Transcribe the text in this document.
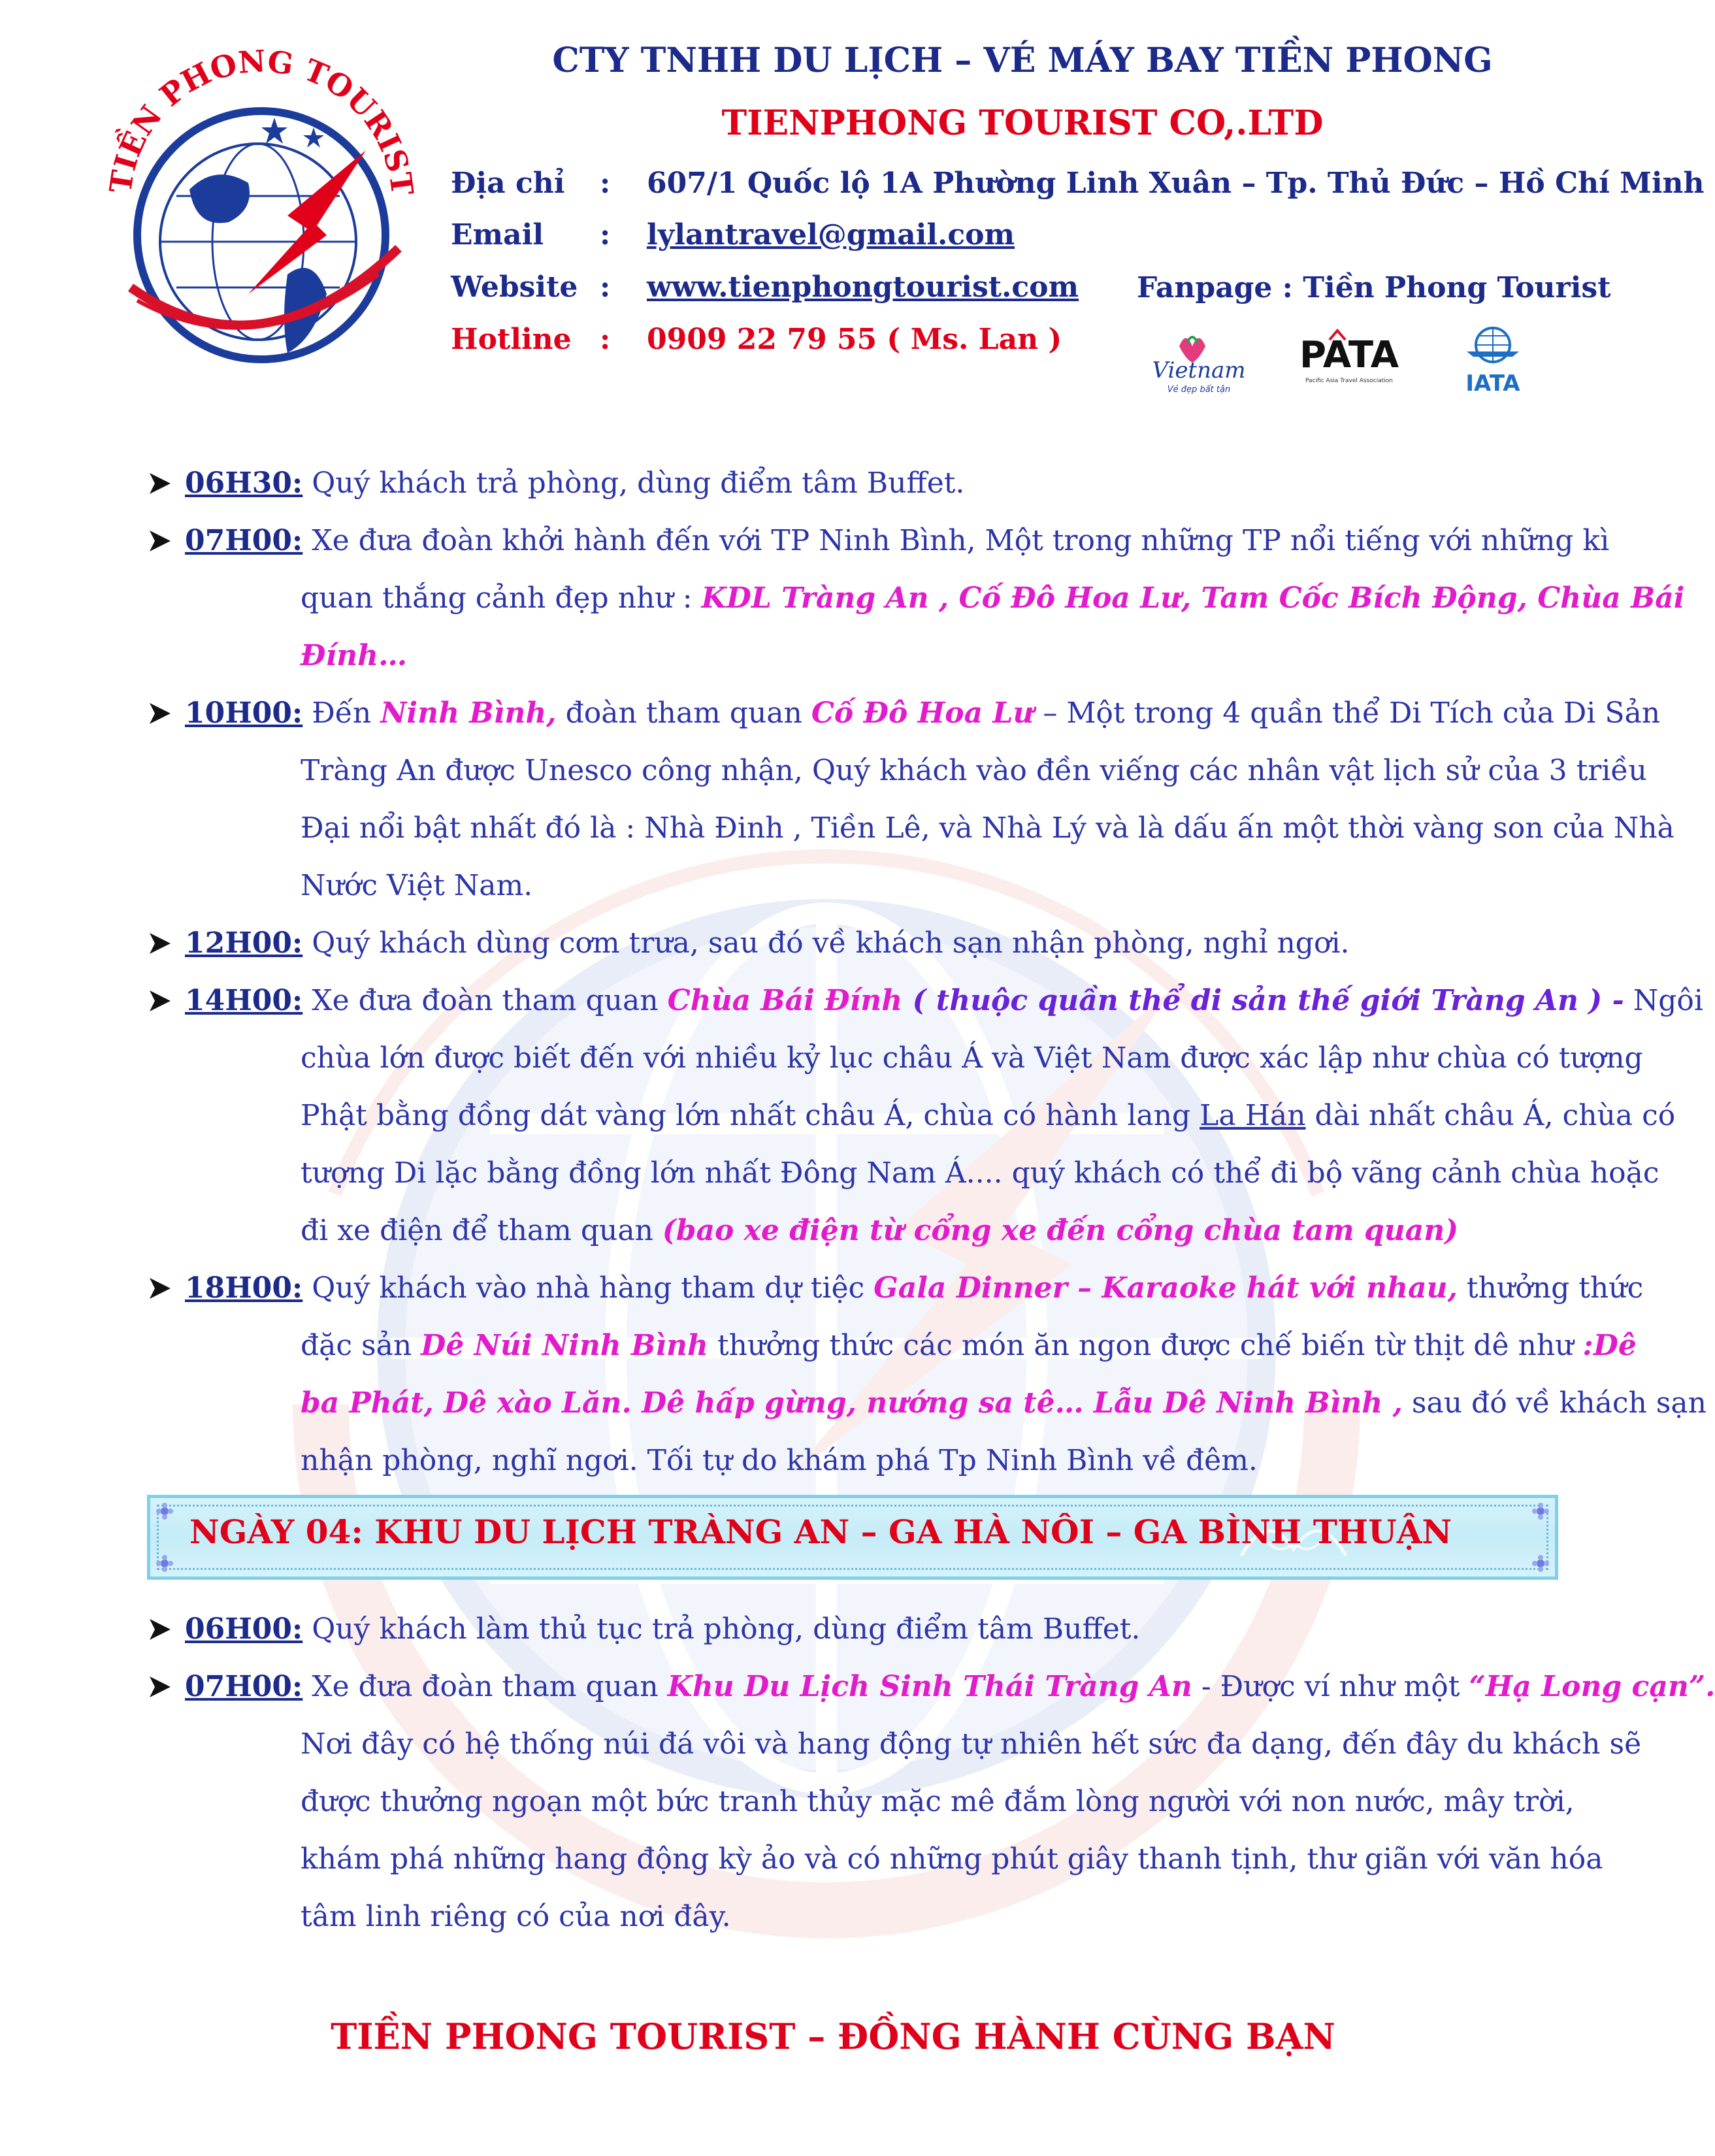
TIỀN PHONG TOURIST
CTY TNHH DU LỊCH – VÉ MÁY BAY TIỀN PHONG
TIENPHONG TOURIST CO,.LTD
Địa chỉ : 607/1 Quốc lộ 1A Phường Linh Xuân – Tp. Thủ Đức – Hồ Chí Minh
Email : lylantravel@gmail.com
Website : www.tienphongtourist.com
Hotline : 0909 22 79 55 ( Ms. Lan )
Fanpage : Tiền Phong Tourist
Vietnam
Vẻ đẹp bất tận
PATA
Pacific Asia Travel Association	IATA
06H30: Quý khách trả phòng, dùng điểm tâm Buffet.
07H00: Xe đưa đoàn khởi hành đến với TP Ninh Bình, Một trong những TP nổi tiếng với những kì
quan thắng cảnh đẹp như : KDL Tràng An , Cố Đô Hoa Lư, Tam Cốc Bích Động, Chùa Bái
Đính…
10H00: Đến Ninh Bình, đoàn tham quan Cố Đô Hoa Lư – Một trong 4 quần thể Di Tích của Di Sản
Tràng An được Unesco công nhận, Quý khách vào đền viếng các nhân vật lịch sử của 3 triều
Đại nổi bật nhất đó là : Nhà Đinh , Tiền Lê, và Nhà Lý và là dấu ấn một thời vàng son của Nhà
Nước Việt Nam.
12H00: Quý khách dùng cơm trưa, sau đó về khách sạn nhận phòng, nghỉ ngơi.
14H00: Xe đưa đoàn tham quan Chùa Bái Đính ( thuộc quần thể di sản thế giới Tràng An ) - Ngôi
chùa lớn được biết đến với nhiều kỷ lục châu Á và Việt Nam được xác lập như chùa có tượng
Phật bằng đồng dát vàng lớn nhất châu Á, chùa có hành lang La Hán dài nhất châu Á, chùa có
tượng Di lặc bằng đồng lớn nhất Đông Nam Á.... quý khách có thể đi bộ vãng cảnh chùa hoặc
đi xe điện để tham quan (bao xe điện từ cổng xe đến cổng chùa tam quan)
18H00: Quý khách vào nhà hàng tham dự tiệc Gala Dinner – Karaoke hát với nhau, thưởng thức
đặc sản Dê Núi Ninh Bình thưởng thức các món ăn ngon được chế biến từ thịt dê như :Dê
ba Phát, Dê xào Lăn. Dê hấp gừng, nướng sa tê… Lẫu Dê Ninh Bình , sau đó về khách sạn
nhận phòng, nghĩ ngơi. Tối tự do khám phá Tp Ninh Bình về đêm.
NGÀY 04: KHU DU LỊCH TRÀNG AN – GA HÀ NÔI – GA BÌNH THUẬN
06H00: Quý khách làm thủ tục trả phòng, dùng điểm tâm Buffet.
07H00: Xe đưa đoàn tham quan Khu Du Lịch Sinh Thái Tràng An - Được ví như một “Hạ Long cạn”.
Nơi đây có hệ thống núi đá vôi và hang động tự nhiên hết sức đa dạng, đến đây du khách sẽ
được thưởng ngoạn một bức tranh thủy mặc mê đắm lòng người với non nước, mây trời,
khám phá những hang động kỳ ảo và có những phút giây thanh tịnh, thư giãn với văn hóa
tâm linh riêng có của nơi đây.
TIỀN PHONG TOURIST – ĐỒNG HÀNH CÙNG BẠN
